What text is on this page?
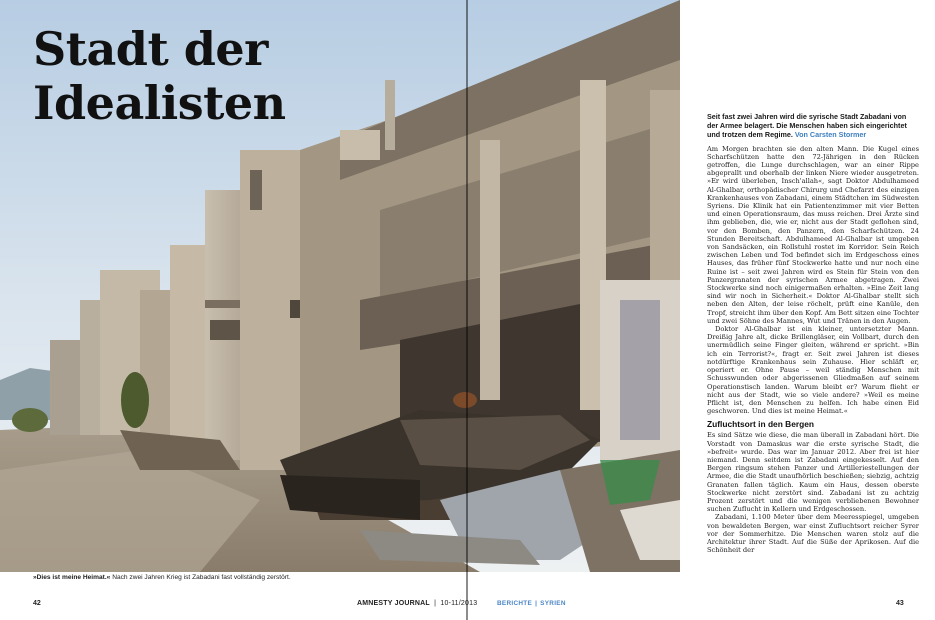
Stadt der
Idealisten
»Dies ist meine Heimat.« Nach zwei Jahren Krieg ist Zabadani fast vollständig zerstört.
42	AMNESTY JOURNAL  |  10-11/2013	BERICHTE | SYRIEN	43

Seit fast zwei Jahren wird die syrische Stadt Zabadani von der Armee belagert. Die Menschen haben sich eingerichtet und trotzen dem Regime. Von Carsten Stormer

Am Morgen brachten sie den alten Mann. Die Kugel eines Scharfschützen hatte den 72-Jährigen in den Rücken getroffen, die Lunge durchschlagen, war an einer Rippe abgeprallt und oberhalb der linken Niere wieder ausgetreten. »Er wird überleben, Insch'allah«, sagt Doktor Abdulhameed Al-Ghalbar, orthopädischer Chirurg und Chefarzt des einzigen Krankenhauses von Zabadani, einem Städtchen im Südwesten Syriens. Die Klinik hat ein Patientenzimmer mit vier Betten und einen Operationsraum, das muss reichen. Drei Ärzte sind ihm geblieben, die, wie er, nicht aus der Stadt geflohen sind, vor den Bomben, den Panzern, den Scharfschützen. 24 Stunden Bereitschaft. Abdulhameed Al-Ghalbar ist umgeben von Sandsäcken, ein Rollstuhl rostet im Korridor. Sein Reich zwischen Leben und Tod befindet sich im Erdgeschoss eines Hauses, das früher fünf Stockwerke hatte und nur noch eine Ruine ist – seit zwei Jahren wird es Stein für Stein von den Panzergranaten der syrischen Armee abgetragen. Zwei Stockwerke sind noch einigermaßen erhalten. »Eine Zeit lang sind wir noch in Sicherheit.« Doktor Al-Ghalbar stellt sich neben den Alten, der leise röchelt, prüft eine Kanüle, den Tropf, streicht ihm über den Kopf. Am Bett sitzen eine Tochter und zwei Söhne des Mannes, Wut und Tränen in den Augen.

Doktor Al-Ghalbar ist ein kleiner, untersetzter Mann. Dreißig Jahre alt, dicke Brillengläser, ein Vollbart, durch den unermüdlich seine Finger gleiten, während er spricht. »Bin ich ein Terrorist?«, fragt er. Seit zwei Jahren ist dieses notdürftige Krankenhaus sein Zuhause. Hier schläft er, operiert er. Ohne Pause – weil ständig Menschen mit Schusswunden oder abgerissenen Gliedmaßen auf seinem Operationstisch landen. Warum bleibt er? Warum flieht er nicht aus der Stadt, wie so viele andere? »Weil es meine Pflicht ist, den Menschen zu helfen. Ich habe einen Eid geschworen. Und dies ist meine Heimat.«

Zufluchtsort in den Bergen

Es sind Sätze wie diese, die man überall in Zabadani hört. Die Vorstadt von Damaskus war die erste syrische Stadt, die »befreit« wurde. Das war im Januar 2012. Aber frei ist hier niemand. Denn seitdem ist Zabadani eingekesselt. Auf den Bergen ringsum stehen Panzer und Artilleriestellungen der Armee, die die Stadt unaufhörlich beschießen; siebzig, achtzig Granaten fallen täglich. Kaum ein Haus, dessen oberste Stockwerke nicht zerstört sind. Zabadani ist zu achtzig Prozent zerstört und die wenigen verbliebenen Bewohner suchen Zuflucht in Kellern und Erdgeschossen.

Zabadani, 1.100 Meter über dem Meeresspiegel, umgeben von bewaldeten Bergen, war einst Zufluchtsort reicher Syrer vor der Sommerhitze. Die Menschen waren stolz auf die Architektur ihrer Stadt. Auf die Süße der Aprikosen. Auf die Schönheit der
